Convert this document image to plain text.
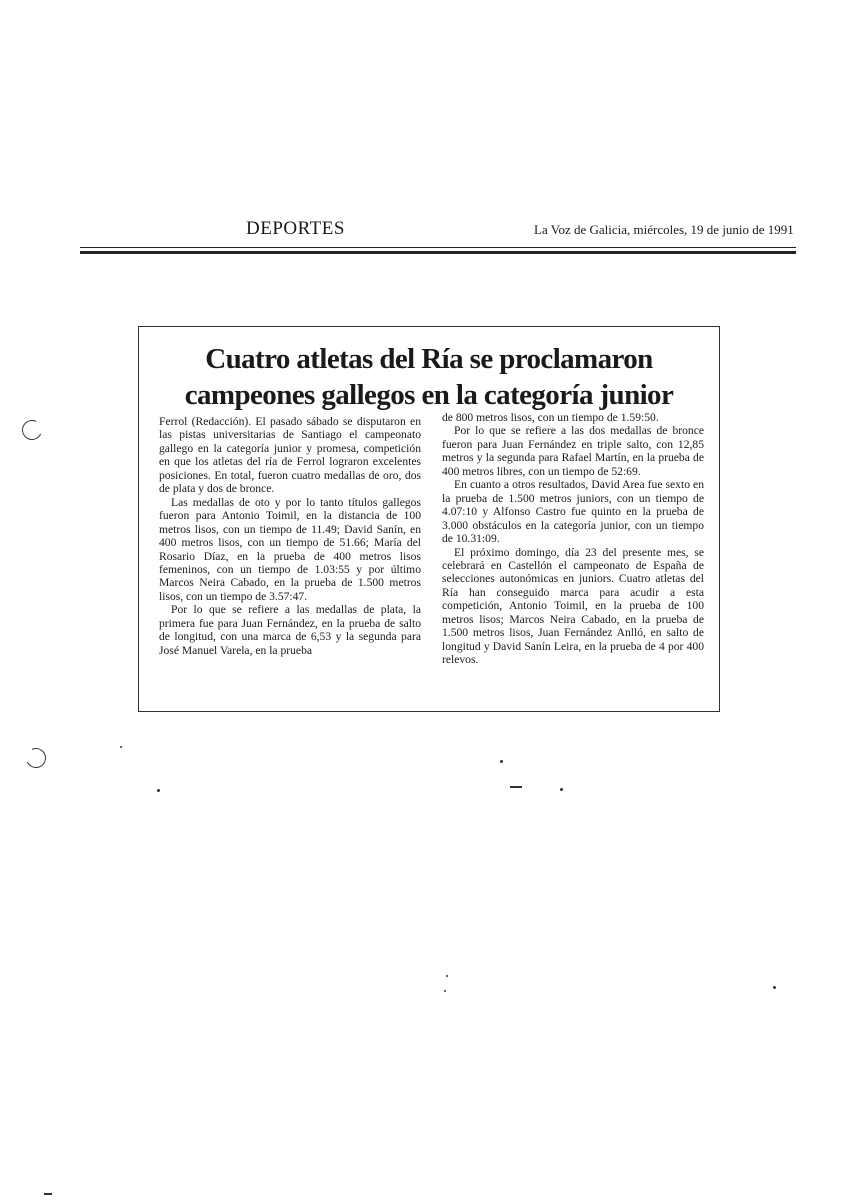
DEPORTES	La Voz de Galicia, miércoles, 19 de junio de 1991
Cuatro atletas del Ría se proclamaron
campeones gallegos en la categoría junior

Ferrol (Redacción). El pasado sábado se disputaron en las pistas universitarias de Santiago el campeonato gallego en la categoría junior y promesa, competición en que los atletas del ría de Ferrol lograron excelentes posiciones. En total, fueron cuatro medallas de oro, dos de plata y dos de bronce.

Las medallas de oto y por lo tanto títulos gallegos fueron para Antonio Toimil, en la distancia de 100 metros lisos, con un tiempo de 11.49; David Sanín, en 400 metros lisos, con un tiempo de 51.66; María del Rosario Díaz, en la prueba de 400 metros lisos femeninos, con un tiempo de 1.03:55 y por último Marcos Neira Cabado, en la prueba de 1.500 metros lisos, con un tiempo de 3.57:47.

Por lo que se refiere a las medallas de plata, la primera fue para Juan Fernández, en la prueba de salto de longitud, con una marca de 6,53 y la segunda para José Manuel Varela, en la prueba

de 800 metros lisos, con un tiempo de 1.59:50.

Por lo que se refiere a las dos medallas de bronce fueron para Juan Fernández en triple salto, con 12,85 metros y la segunda para Rafael Martín, en la prueba de 400 metros libres, con un tiempo de 52:69.

En cuanto a otros resultados, David Area fue sexto en la prueba de 1.500 metros juniors, con un tiempo de 4.07:10 y Alfonso Castro fue quinto en la prueba de 3.000 obstáculos en la categoría junior, con un tiempo de 10.31:09.

El próximo domingo, día 23 del presente mes, se celebrará en Castellón el campeonato de España de selecciones autonómicas en juniors. Cuatro atletas del Ría han conseguido marca para acudir a esta competición, Antonio Toimil, en la prueba de 100 metros lisos; Marcos Neira Cabado, en la prueba de 1.500 metros lisos, Juan Fernández Anlló, en salto de longitud y David Sanín Leira, en la prueba de 4 por 400 relevos.
